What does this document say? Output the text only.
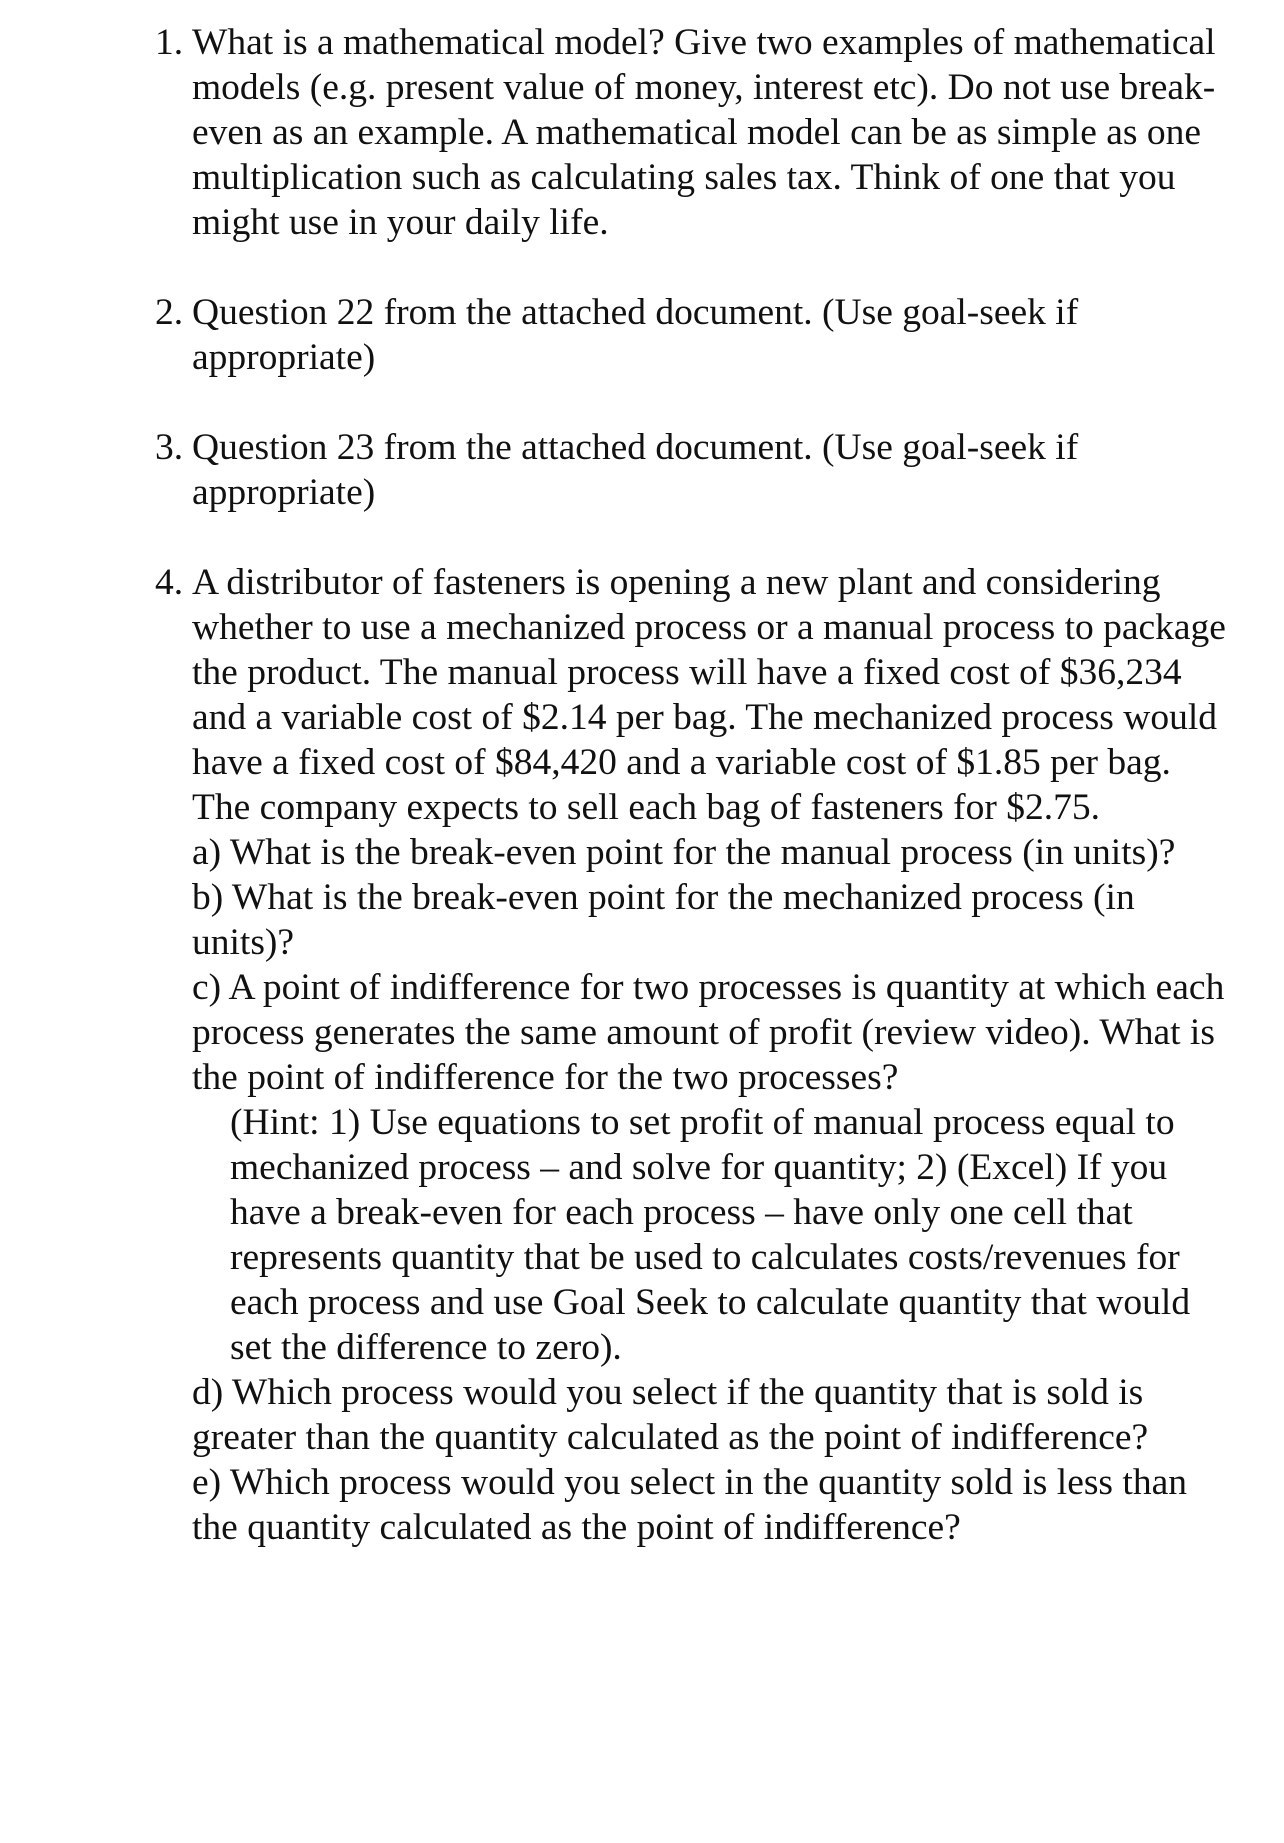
1. What is a mathematical model? Give two examples of mathematical models (e.g. present value of money, interest etc). Do not use break-even as an example. A mathematical model can be as simple as one multiplication such as calculating sales tax. Think of one that you might use in your daily life.
2. Question 22 from the attached document. (Use goal-seek if appropriate)
3. Question 23 from the attached document. (Use goal-seek if appropriate)
4. A distributor of fasteners is opening a new plant and considering whether to use a mechanized process or a manual process to package the product. The manual process will have a fixed cost of $36,234 and a variable cost of $2.14 per bag. The mechanized process would have a fixed cost of $84,420 and a variable cost of $1.85 per bag. The company expects to sell each bag of fasteners for $2.75.
a) What is the break-even point for the manual process (in units)?
b) What is the break-even point for the mechanized process (in units)?
c) A point of indifference for two processes is quantity at which each process generates the same amount of profit (review video). What is the point of indifference for the two processes?
(Hint: 1) Use equations to set profit of manual process equal to mechanized process – and solve for quantity; 2) (Excel) If you have a break-even for each process – have only one cell that represents quantity that be used to calculates costs/revenues for each process and use Goal Seek to calculate quantity that would set the difference to zero).
d) Which process would you select if the quantity that is sold is greater than the quantity calculated as the point of indifference?
e) Which process would you select in the quantity sold is less than the quantity calculated as the point of indifference?
